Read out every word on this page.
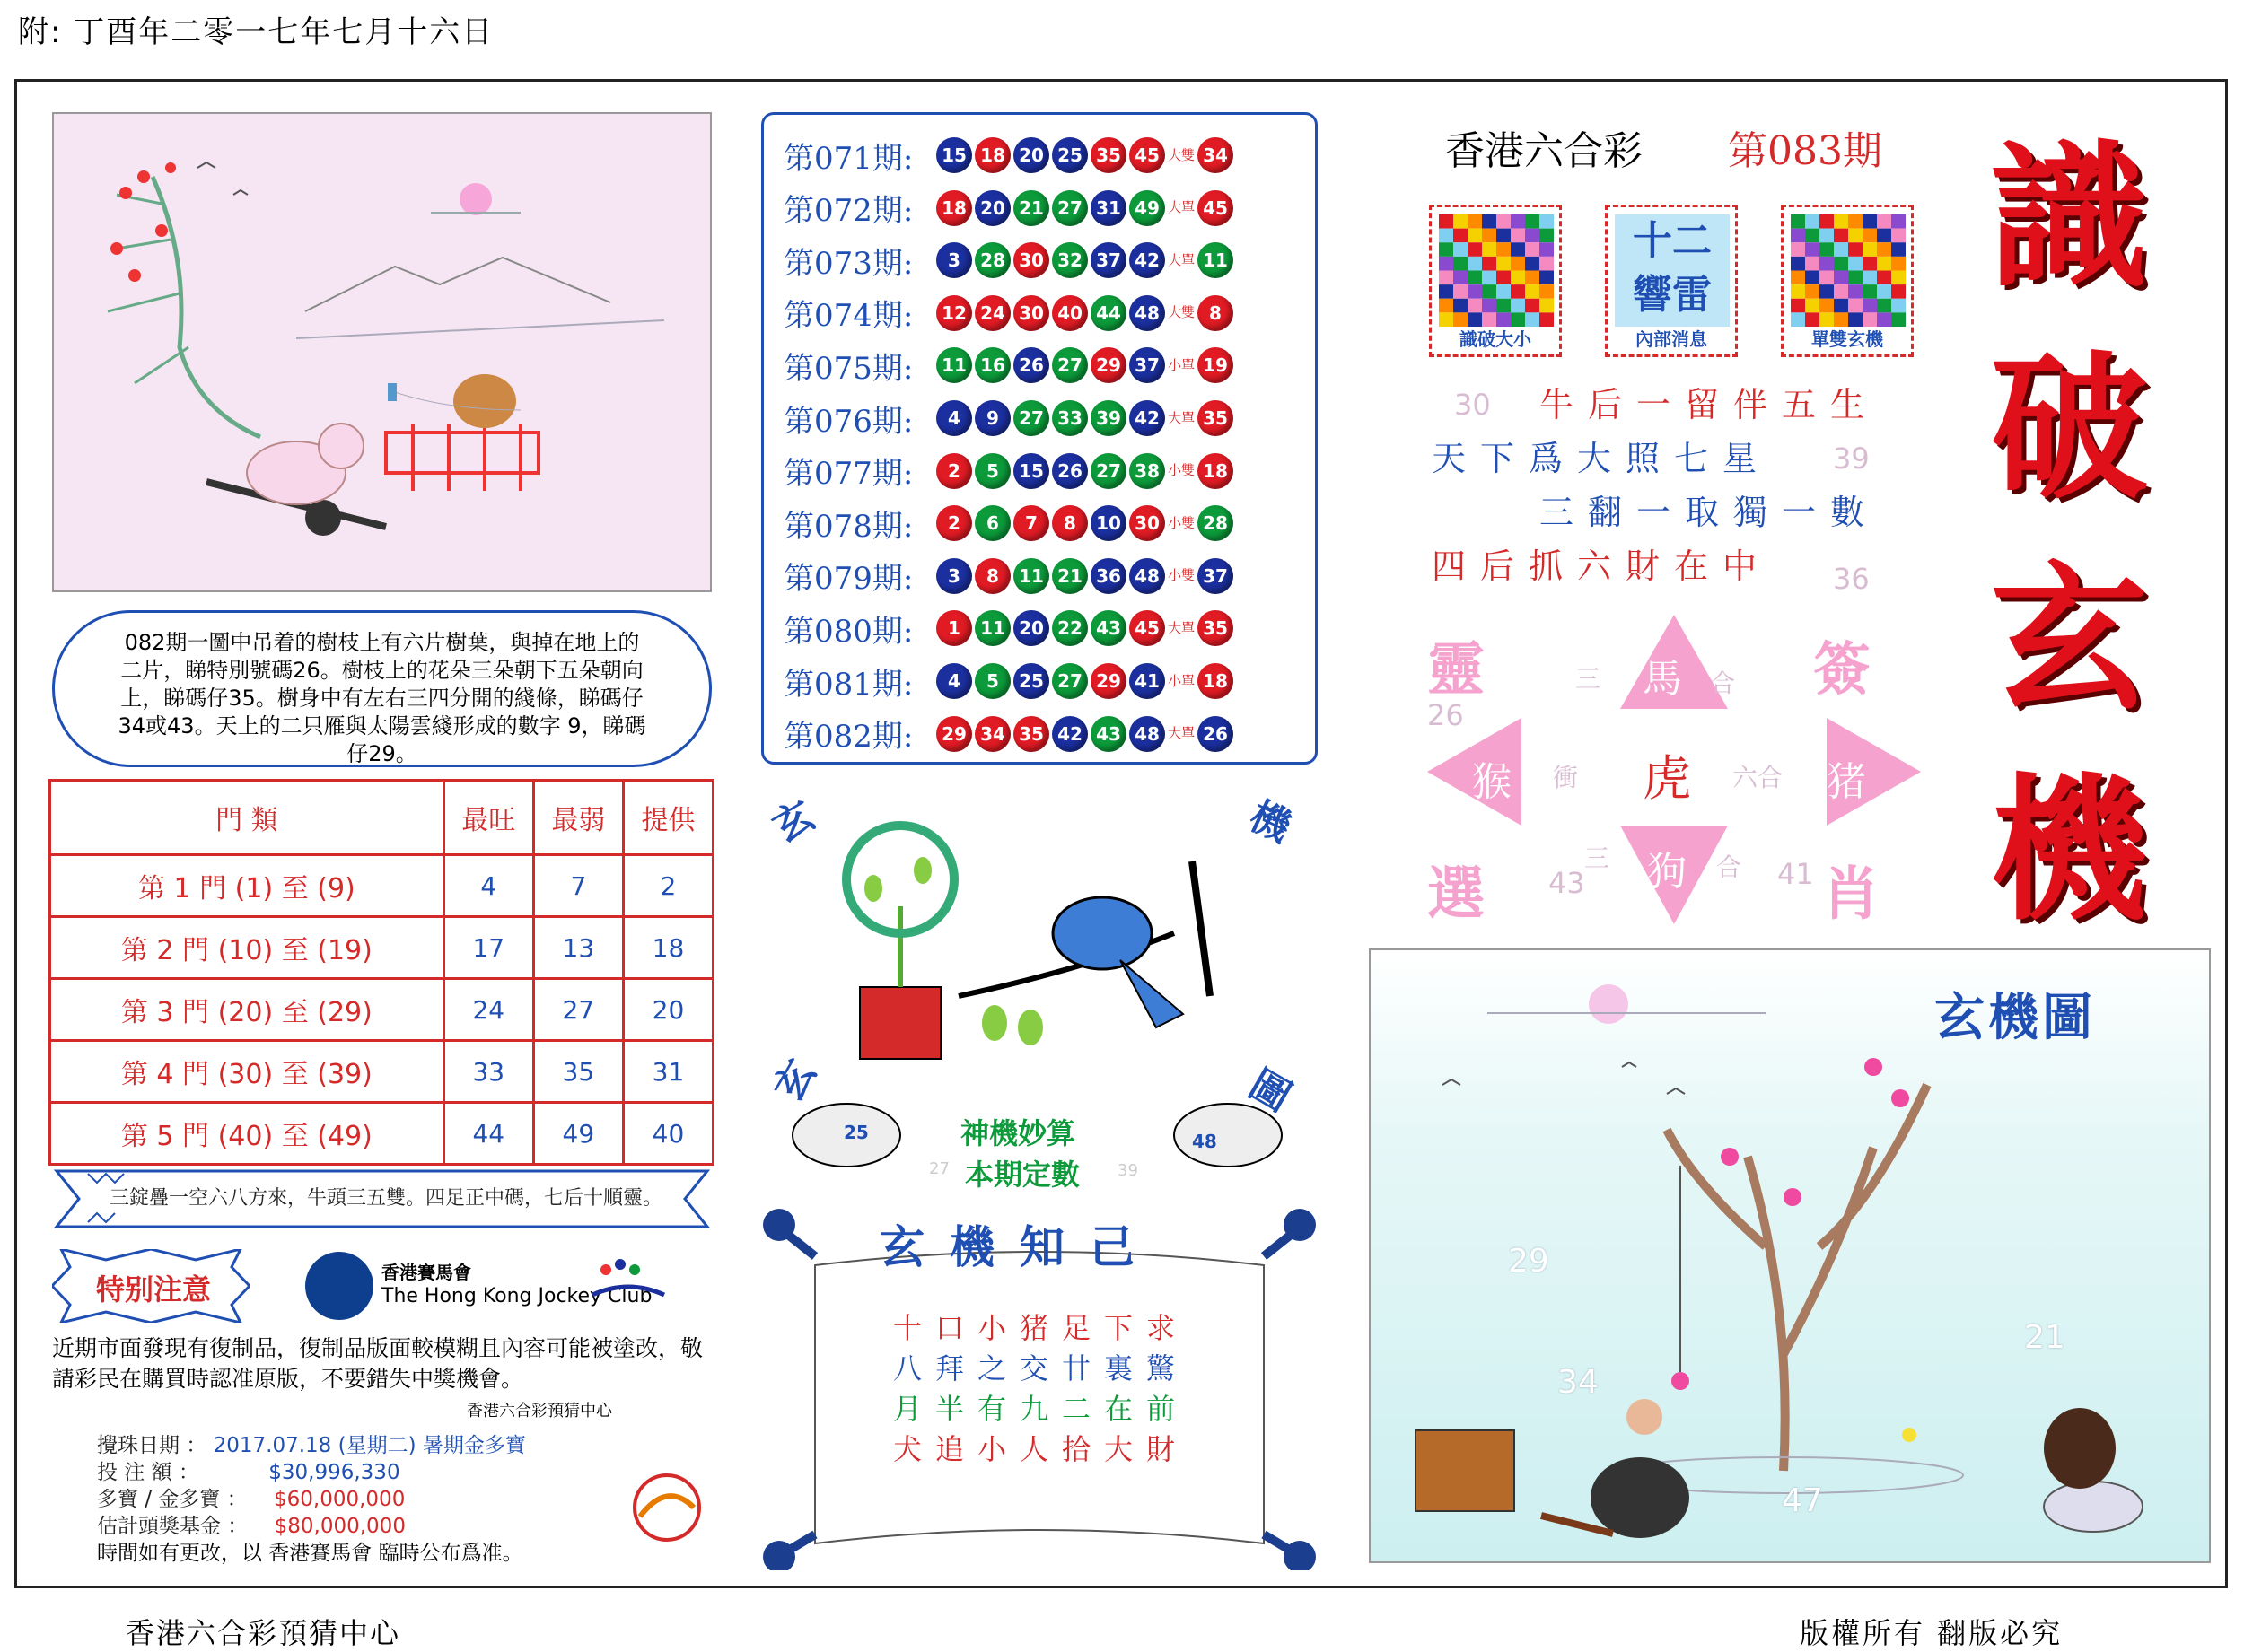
附: 丁酉年二零一七年七月十六日
香港六合彩預猜中心	版權所有 翻版必究
082期一圖中吊着的樹枝上有六片樹葉，與掉在地上的二片，睇特別號碼26。樹枝上的花朵三朵朝下五朵朝向上，睇碼仔35。樹身中有左右三四分開的綫條，睇碼仔34或43。天上的二只雁與太陽雲綫形成的數字 9，睇碼仔29。
門 類	最旺	最弱	提供
第 1 門 (1) 至 (9)	4	7	2
第 2 門 (10) 至 (19)	17	13	18
第 3 門 (20) 至 (29)	24	27	20
第 4 門 (30) 至 (39)	33	35	31
第 5 門 (40) 至 (49)	44	49	40
三錠疊一空六八方來，牛頭三五雙。四足正中碼，七后十順靈。
特别注意	香港賽馬會
The Hong Kong Jockey Club
近期市面發現有復制品，復制品版面較模糊且內容可能被塗改，敬請彩民在購買時認准原版，不要錯失中獎機會。
香港六合彩預猜中心
攪珠日期 ： 2017.07.18 (星期二) 暑期金多寶
投 注 額 ：	$30,996,330
多寶 / 金多寶 ： $60,000,000
估計頭獎基金 ： $80,000,000
時間如有更改，以 香港賽馬會 臨時公布爲准。
第071期:	15 18 20 25 35 45 大雙 34
第072期:	18 20 21 27 31 49 大單 45
第073期:	3	28 30 32 37 42 大單 11
第074期:	12 24 30 40 44 48 大雙 8
第075期:	11 16 26 27 29 37 小單 19
第076期:	4	9	27 33 39 42 大單 35
第077期:	2	5	15 26 27 38 小雙 18
第078期:	2	6	7	8	10 30 小雙 28
第079期:	3	8	11 21 36 48 小雙 37
第080期:	1	11 20 22 43 45 大單 35
第081期:	4	5	25 27 29 41 小單 18
第082期:	29 34 35 42 43 48 大單 26
玄	機
玄	圖
神機妙算
本期定數
25	48
27	39
玄機知己
十口小猪足下求
八拜之交廿裏驚
月半有九二在前
犬追小人拾大財
香港六合彩 第083期 識
破
玄
機
識破大小
十二響雷
內部消息	單雙玄機
牛后一留伴五生
天下爲大照七星
三翻一取獨一數
四后抓六財在中
30
39
36
靈	簽
選	肖
虎
馬
狗
猴	猪
三	合
衝	六合
三	合
26
43	41
玄機圖
29
34
21
47
